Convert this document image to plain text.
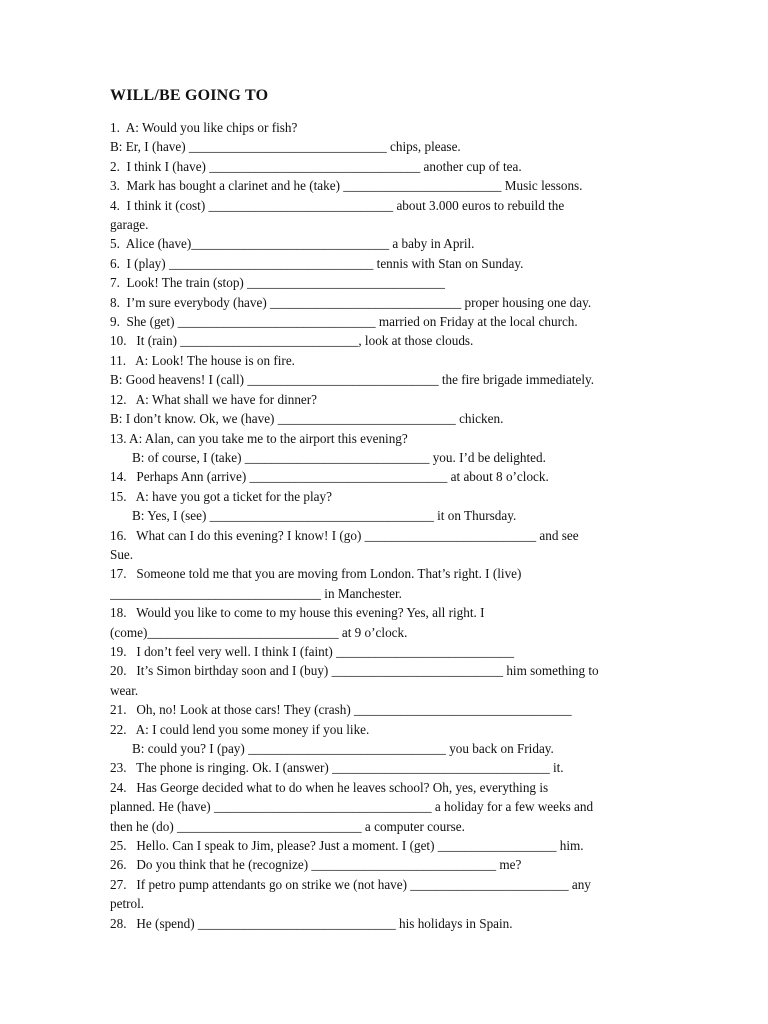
WILL/BE GOING TO
1.  A: Would you like chips or fish?
B: Er, I (have) ______________________________ chips, please.
2.  I think I (have) ________________________________ another cup of tea.
3.  Mark has bought a clarinet and he (take) ________________________ Music lessons.
4.  I think it (cost) ____________________________ about 3.000 euros to rebuild the
garage.
5.  Alice (have)______________________________ a baby in April.
6.  I (play) _______________________________ tennis with Stan on Sunday.
7.  Look! The train (stop) ______________________________
8.  I’m sure everybody (have) _____________________________ proper housing one day.
9.  She (get) ______________________________ married on Friday at the local church.
10.   It (rain) ___________________________, look at those clouds.
11.   A: Look! The house is on fire.
B: Good heavens! I (call) _____________________________ the fire brigade immediately.
12.   A: What shall we have for dinner?
B: I don’t know. Ok, we (have) ___________________________ chicken.
13. A: Alan, can you take me to the airport this evening?
B: of course, I (take) ____________________________ you. I’d be delighted.
14.   Perhaps Ann (arrive) ______________________________ at about 8 o’clock.
15.   A: have you got a ticket for the play?
B: Yes, I (see) __________________________________ it on Thursday.
16.   What can I do this evening? I know! I (go) __________________________ and see
Sue.
17.   Someone told me that you are moving from London. That’s right. I (live)
________________________________ in Manchester.
18.   Would you like to come to my house this evening? Yes, all right. I
(come)_____________________________ at 9 o’clock.
19.   I don’t feel very well. I think I (faint) ___________________________
20.   It’s Simon birthday soon and I (buy) __________________________ him something to
wear.
21.   Oh, no! Look at those cars! They (crash) _________________________________
22.   A: I could lend you some money if you like.
B: could you? I (pay) ______________________________ you back on Friday.
23.   The phone is ringing. Ok. I (answer) _________________________________ it.
24.   Has George decided what to do when he leaves school? Oh, yes, everything is
planned. He (have) _________________________________ a holiday for a few weeks and
then he (do) ____________________________ a computer course.
25.   Hello. Can I speak to Jim, please? Just a moment. I (get) __________________ him.
26.   Do you think that he (recognize) ____________________________ me?
27.   If petro pump attendants go on strike we (not have) ________________________ any
petrol.
28.   He (spend) ______________________________ his holidays in Spain.
